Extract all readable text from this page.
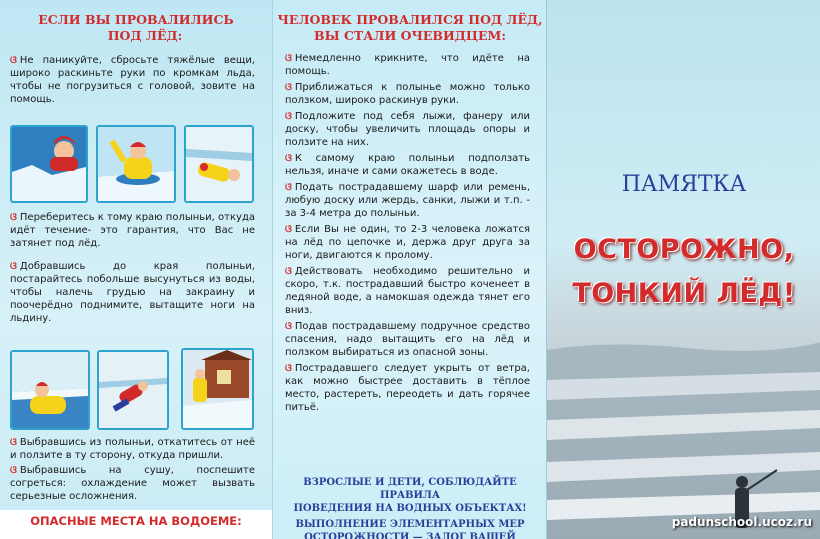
ЕСЛИ ВЫ ПРОВАЛИЛИСЬ
ПОД ЛЁД:
ଓ Не паникуйте, сбросьте тяжёлые вещи, широко раскиньте руки по кромкам льда, чтобы не погрузиться с головой, зовите на помощь.
ଓ Переберитесь к тому краю полыньи, откуда идёт течение- это гарантия, что Вас не затянет под лёд.
ଓ Добравшись до края полыньи, постарайтесь побольше высунуться из воды, чтобы налечь грудью на закраину и поочерёдно поднимите, вытащите ноги на льдину.
ଓ Выбравшись из полыньи, откатитесь от неё и ползите в ту сторону, откуда пришли.
ଓ Выбравшись на сушу, поспешите согреться: охлаждение может вызвать серьезные осложнения.
ОПАСНЫЕ МЕСТА НА ВОДОЕМЕ:
ЧЕЛОВЕК ПРОВАЛИЛСЯ ПОД ЛЁД,
ВЫ СТАЛИ ОЧЕВИДЦЕМ:
ଓ Немедленно крикните, что идёте на помощь.
ଓ Приближаться к полынье можно только ползком, широко раскинув руки.
ଓ Подложите под себя лыжи, фанеру или доску, чтобы увеличить площадь опоры и ползите на них.
ଓ К самому краю полыньи подползать нельзя, иначе и сами окажетесь в воде.
ଓ Подать пострадавшему шарф или ремень, любую доску или жердь, санки, лыжи и т.п. - за 3-4 метра до полыньи.
ଓ Если Вы не один, то 2-3 человека ложатся на лёд по цепочке и, держа друг друга за ноги, двигаются к пролому.
ଓ Действовать необходимо решительно и скоро, т.к. пострадавший быстро коченеет в ледяной воде, а намокшая одежда тянет его вниз.
ଓ Подав пострадавшему подручное средство спасения, надо вытащить его на лёд и ползком выбираться из опасной зоны.
ଓ Пострадавшего следует укрыть от ветра, как можно быстрее доставить в тёплое место, растереть, переодеть и дать горячее питьё.
ВЗРОСЛЫЕ И ДЕТИ, СОБЛЮДАЙТЕ ПРАВИЛА
ПОВЕДЕНИЯ НА ВОДНЫХ ОБЪЕКТАХ!
ВЫПОЛНЕНИЕ ЭЛЕМЕНТАРНЫХ МЕР
ОСТОРОЖНОСТИ — ЗАЛОГ ВАШЕЙ
ПАМЯТКА
ОСТОРОЖНО,
ТОНКИЙ ЛЁД!
padunschool.ucoz.ru
